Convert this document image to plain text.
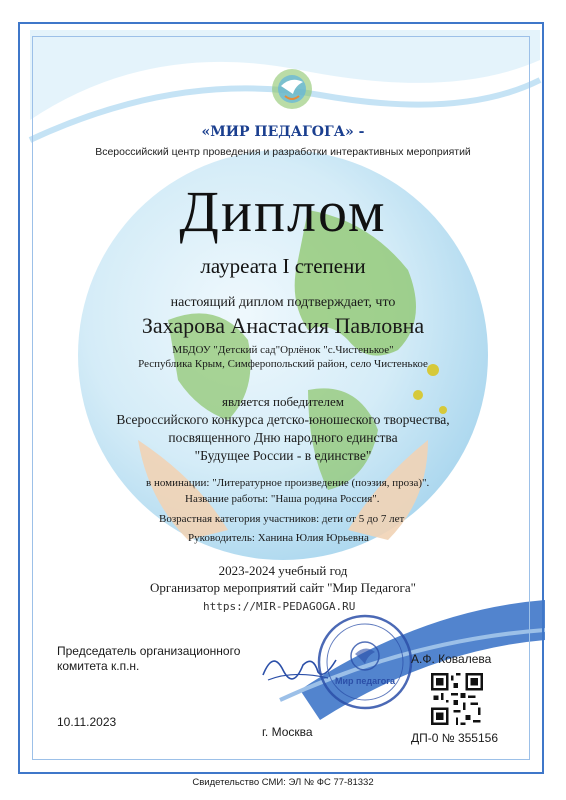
«МИР ПЕДАГОГА» -
Всероссийский центр проведения и разработки интерактивных мероприятий
Диплом
лауреата I степени
настоящий диплом подтверждает, что
Захарова Анастасия Павловна
МБДОУ "Детский сад"Орлёнок "с.Чистенькое"
Республика Крым, Симферопольский район, село Чистенькое
является победителем
Всероссийского конкурса детско-юношеского творчества,
посвященного Дню народного единства
"Будущее России - в единстве"
в номинации: "Литературное произведение (поэзия, проза)".
Название работы: "Наша родина Россия".
Возрастная категория участников: дети от 5 до 7 лет
Руководитель: Ханина Юлия Юрьевна
2023-2024 учебный год
Организатор мероприятий сайт "Мир Педагога"
https://MIR-PEDAGOGA.RU
Председатель организационного
комитета к.п.н.
Мир педагога
А.Ф. Ковалева
10.11.2023
г. Москва	ДП-0 № 355156
Свидетельство СМИ: ЭЛ № ФС 77-81332
